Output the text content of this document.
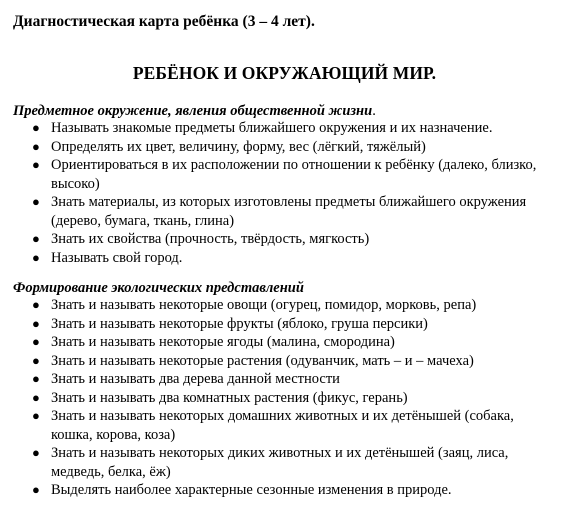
Диагностическая карта ребёнка (3 – 4 лет).
РЕБЁНОК И ОКРУЖАЮЩИЙ МИР.
Предметное окружение, явления общественной жизни.
● Называть знакомые предметы ближайшего окружения и их назначение.
● Определять их цвет, величину, форму, вес (лёгкий, тяжёлый)
● Ориентироваться в их расположении по отношении к ребёнку (далеко, близко,
высоко)
● Знать материалы, из которых изготовлены предметы ближайшего окружения
(дерево, бумага, ткань, глина)
● Знать их свойства (прочность, твёрдость, мягкость)
● Называть свой город.
Формирование экологических представлений
● Знать и называть некоторые овощи (огурец, помидор, морковь, репа)
● Знать и называть некоторые фрукты (яблоко, груша персики)
● Знать и называть некоторые ягоды (малина, смородина)
● Знать и называть некоторые растения (одуванчик, мать – и – мачеха)
● Знать и называть два дерева данной местности
● Знать и называть два комнатных растения (фикус, герань)
● Знать и называть некоторых домашних животных и их детёнышей (собака,
кошка, корова, коза)
● Знать и называть некоторых диких животных и их детёнышей (заяц, лиса,
медведь, белка, ёж)
● Выделять наиболее характерные сезонные изменения в природе.
